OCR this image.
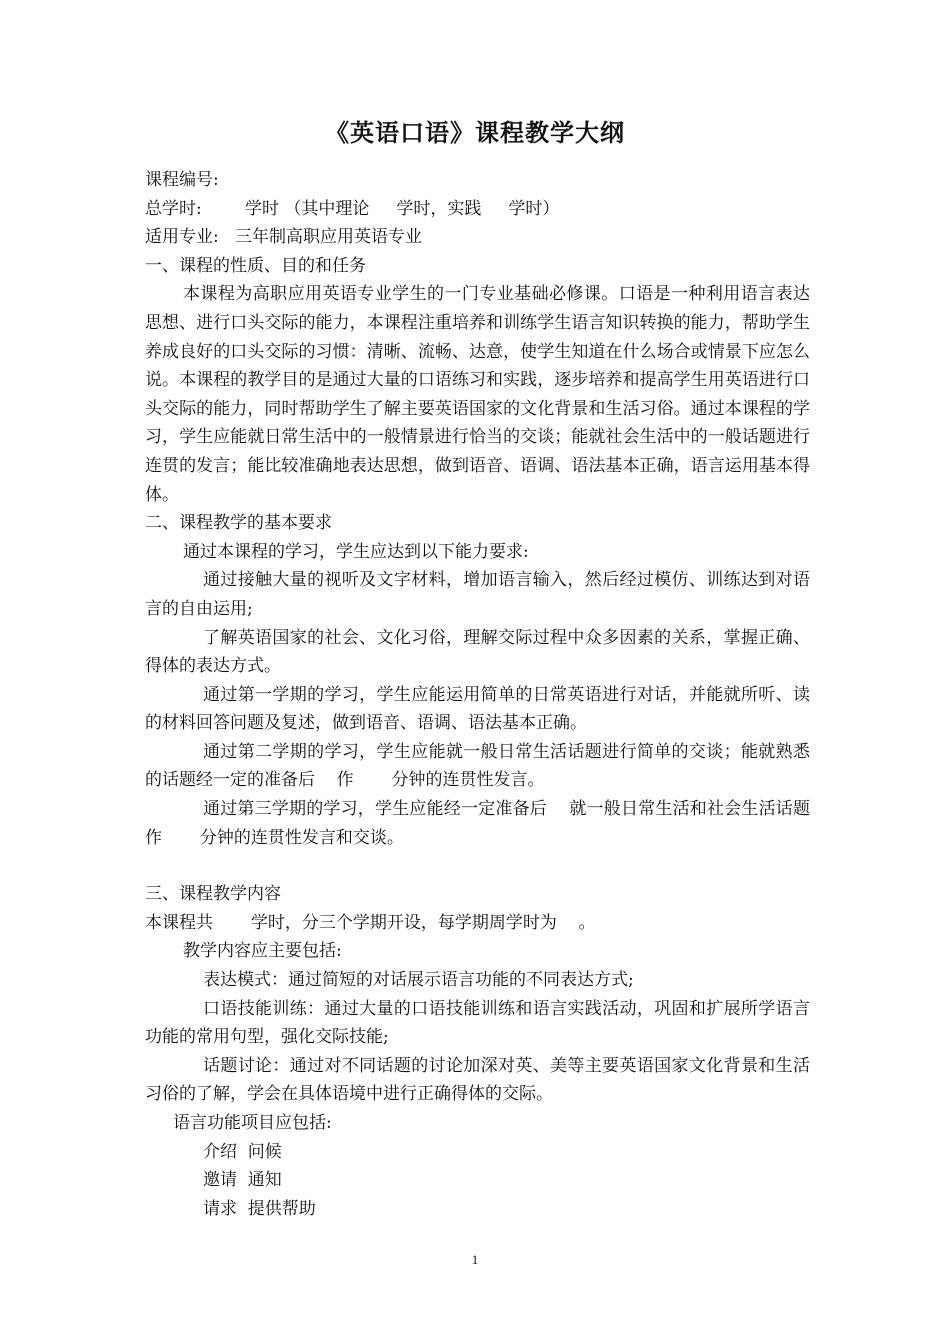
《英语口语》课程教学大纲
课程编号:
总学时:        学时 （其中理论     学时，实践     学时）
适用专业:   三年制高职应用英语专业
一、课程的性质、目的和任务
本课程为高职应用英语专业学生的一门专业基础必修课。口语是一种利用语言表达思想、进行口头交际的能力，本课程注重培养和训练学生语言知识转换的能力，帮助学生养成良好的口头交际的习惯：清晰、流畅、达意，使学生知道在什么场合或情景下应怎么说。本课程的教学目的是通过大量的口语练习和实践，逐步培养和提高学生用英语进行口头交际的能力，同时帮助学生了解主要英语国家的文化背景和生活习俗。通过本课程的学习，学生应能就日常生活中的一般情景进行恰当的交谈；能就社会生活中的一般话题进行连贯的发言；能比较准确地表达思想，做到语音、语调、语法基本正确，语言运用基本得体。
二、课程教学的基本要求
通过本课程的学习，学生应达到以下能力要求:
通过接触大量的视听及文字材料，增加语言输入，然后经过模仿、训练达到对语言的自由运用;
了解英语国家的社会、文化习俗，理解交际过程中众多因素的关系，掌握正确、得体的表达方式。
通过第一学期的学习，学生应能运用简单的日常英语进行对话，并能就所听、读的材料回答问题及复述，做到语音、语调、语法基本正确。
通过第二学期的学习，学生应能就一般日常生活话题进行简单的交谈；能就熟悉的话题经一定的准备后    作       分钟的连贯性发言。
通过第三学期的学习，学生应能经一定准备后    就一般日常生活和社会生活话题作       分钟的连贯性发言和交谈。
三、课程教学内容
本课程共       学时，分三个学期开设，每学期周学时为    。
教学内容应主要包括:
表达模式：通过简短的对话展示语言功能的不同表达方式;
口语技能训练：通过大量的口语技能训练和语言实践活动，巩固和扩展所学语言功能的常用句型，强化交际技能;
话题讨论：通过对不同话题的讨论加深对英、美等主要英语国家文化背景和生活习俗的了解，学会在具体语境中进行正确得体的交际。
语言功能项目应包括:
介绍  问候
邀请  通知
请求  提供帮助
1
